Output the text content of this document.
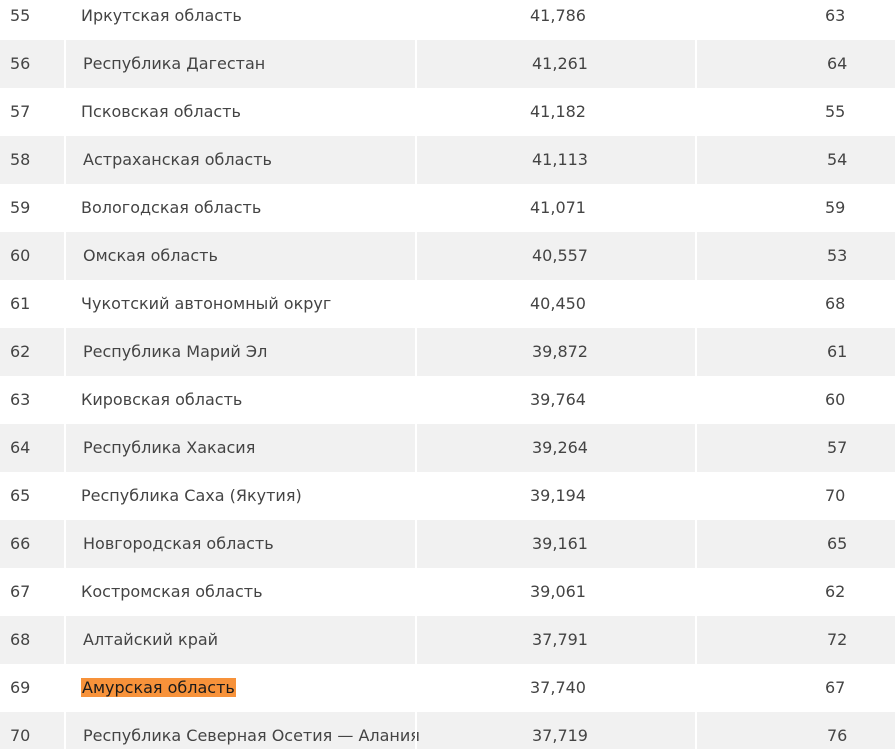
55	Иркутская область	41,786	63
56	Республика Дагестан	41,261	64
57	Псковская область	41,182	55
58	Астраханская область	41,113	54
59	Вологодская область	41,071	59
60	Омская область	40,557	53
61	Чукотский автономный округ	40,450	68
62	Республика Марий Эл	39,872	61
63	Кировская область	39,764	60
64	Республика Хакасия	39,264	57
65	Республика Саха (Якутия)	39,194	70
66	Новгородская область	39,161	65
67	Костромская область	39,061	62
68	Алтайский край	37,791	72
69	Амурская область	37,740	67
70	Республика Северная Осетия — Алания	37,719	76
